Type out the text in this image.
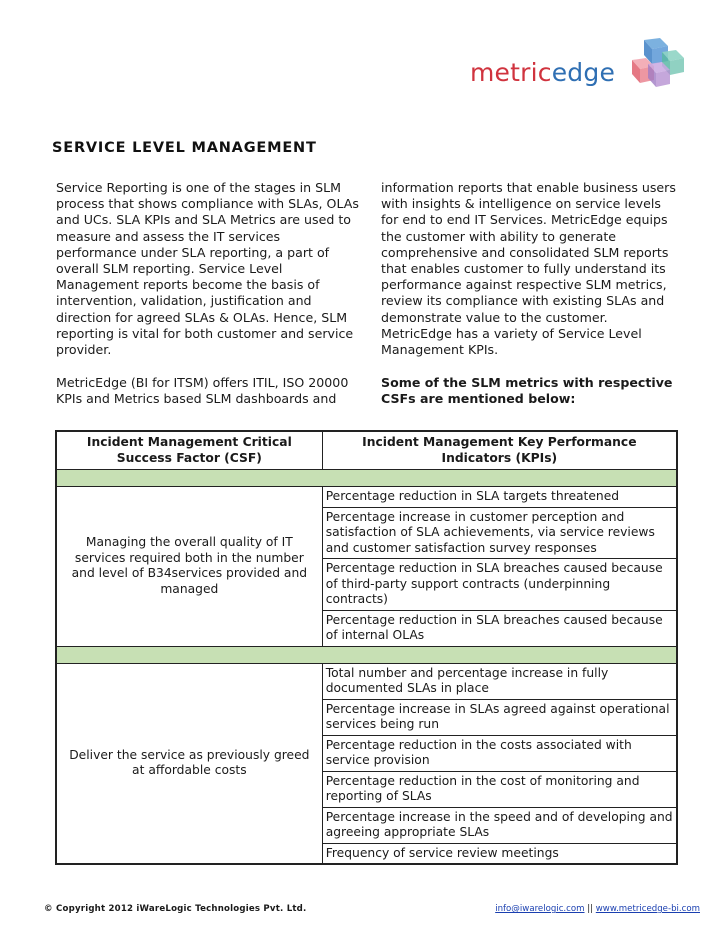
metricedge
SERVICE LEVEL MANAGEMENT

Service Reporting is one of the stages in SLM process that shows compliance with SLAs, OLAs and UCs. SLA KPIs and SLA Metrics are used to measure and assess the IT services performance under SLA reporting, a part of overall SLM reporting. Service Level Management reports become the basis of intervention, validation, justification and direction for agreed SLAs & OLAs. Hence, SLM reporting is vital for both customer and service provider.

MetricEdge (BI for ITSM) offers ITIL, ISO 20000 KPIs and Metrics based SLM dashboards and

information reports that enable business users with insights & intelligence on service levels for end to end IT Services. MetricEdge equips the customer with ability to generate comprehensive and consolidated SLM reports that enables customer to fully understand its performance against respective SLM metrics, review its compliance with existing SLAs and demonstrate value to the customer. MetricEdge has a variety of Service Level Management KPIs.

Some of the SLM metrics with respective CSFs are mentioned below:

Incident Management Critical Success Factor (CSF)	Incident Management Key Performance Indicators (KPIs)

Managing the overall quality of IT services required both in the number and level of B34services provided and managed	Percentage reduction in SLA targets threatened
	Percentage increase in customer perception and satisfaction of SLA achievements, via service reviews and customer satisfaction survey responses
	Percentage reduction in SLA breaches caused because of third-party support contracts (underpinning contracts)
	Percentage reduction in SLA breaches caused because of internal OLAs

Deliver the service as previously greed at affordable costs	Total number and percentage increase in fully documented SLAs in place
	Percentage increase in SLAs agreed against operational services being run
	Percentage reduction in the costs associated with service provision
	Percentage reduction in the cost of monitoring and reporting of SLAs
	Percentage increase in the speed and of developing and agreeing appropriate SLAs
	Frequency of service review meetings
© Copyright 2012 iWareLogic Technologies Pvt. Ltd.	info@iwarelogic.com || www.metricedge-bi.com
